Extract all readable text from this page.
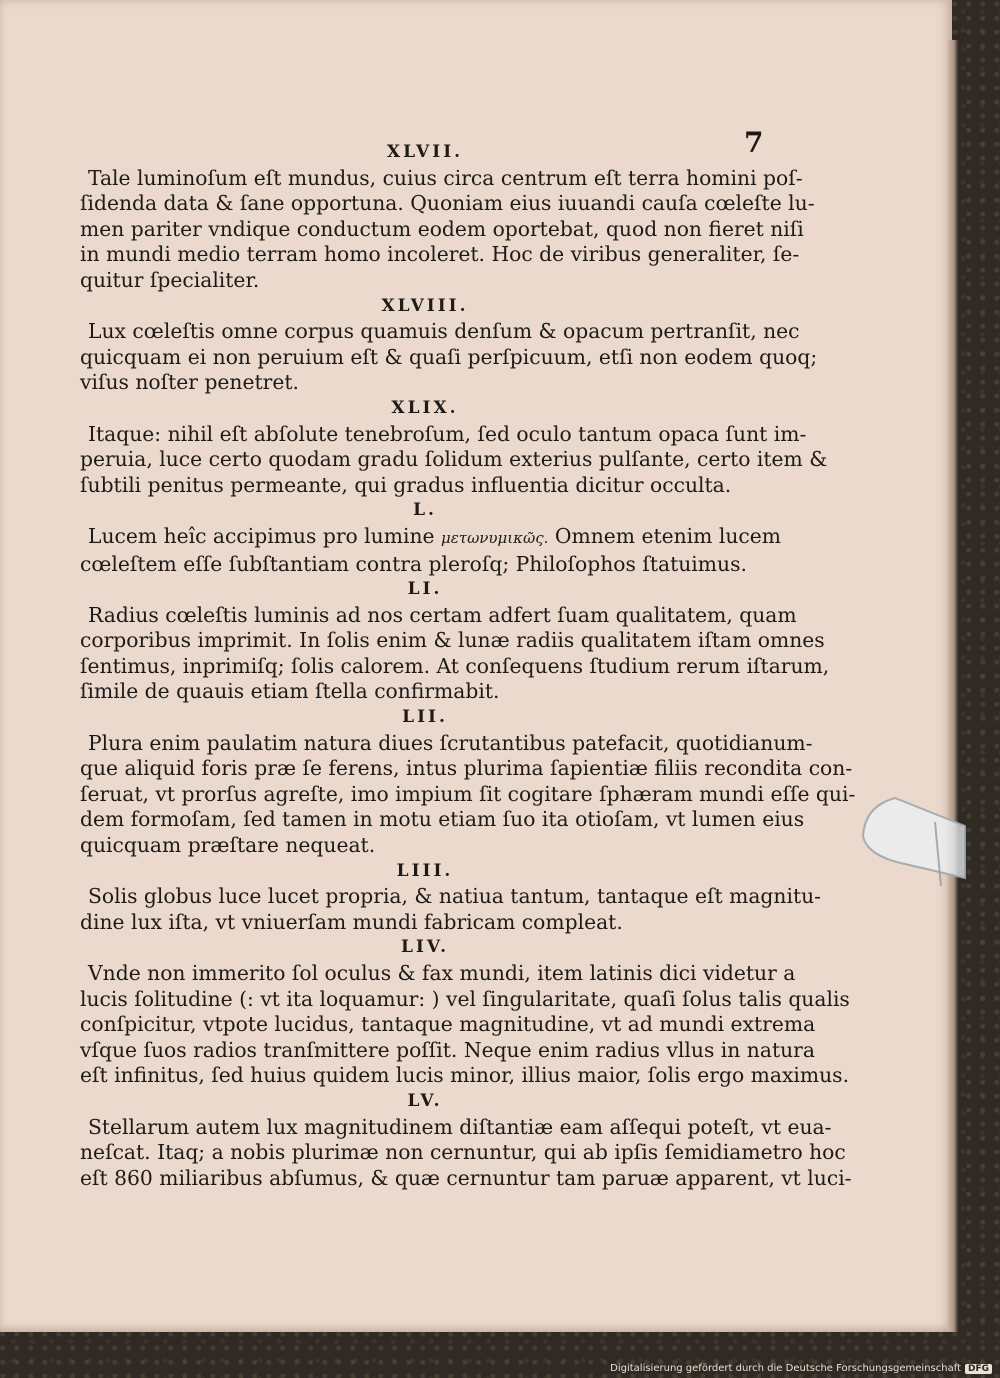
7
XLVII.
Tale luminoſum eſt mundus, cuius circa centrum eſt terra homini poſ-
ſidenda data & ſane opportuna. Quoniam eius iuuandi cauſa cœleſte lu-
men pariter vndique conductum eodem oportebat, quod non fieret niſi
in mundi medio terram homo incoleret. Hoc de viribus generaliter, ſe-
quitur ſpecialiter.
XLVIII.
Lux cœleſtis omne corpus quamuis denſum & opacum pertranſit, nec
quicquam ei non peruium eſt & quaſi perſpicuum, etſi non eodem quoq;
viſus noſter penetret.
XLIX.
Itaque: nihil eſt abſolute tenebroſum, ſed oculo tantum opaca ſunt im-
peruia, luce certo quodam gradu ſolidum exterius pulſante, certo item &
ſubtili penitus permeante, qui gradus influentia dicitur occulta.
L.
Lucem heîc accipimus pro lumine μετωνυμικῶς. Omnem etenim lucem
cœleſtem eſſe ſubſtantiam contra pleroſq; Philoſophos ſtatuimus.
LI.
Radius cœleſtis luminis ad nos certam adfert ſuam qualitatem, quam
corporibus imprimit. In ſolis enim & lunæ radiis qualitatem iſtam omnes
ſentimus, inprimiſq; ſolis calorem. At conſequens ſtudium rerum iſtarum,
ſimile de quauis etiam ſtella confirmabit.
LII.
Plura enim paulatim natura diues ſcrutantibus patefacit, quotidianum-
que aliquid foris præ ſe ferens, intus plurima ſapientiæ filiis recondita con-
ſeruat, vt prorſus agreſte, imo impium ſit cogitare ſphæram mundi eſſe qui-
dem formoſam, ſed tamen in motu etiam ſuo ita otioſam, vt lumen eius
quicquam præſtare nequeat.
LIII.
Solis globus luce lucet propria, & natiua tantum, tantaque eſt magnitu-
dine lux iſta, vt vniuerſam mundi fabricam compleat.
LIV.
Vnde non immerito ſol oculus & fax mundi, item latinis dici videtur a
lucis ſolitudine (: vt ita loquamur: ) vel ſingularitate, quaſi ſolus talis qualis
conſpicitur, vtpote lucidus, tantaque magnitudine, vt ad mundi extrema
vſque ſuos radios tranſmittere poſſit. Neque enim radius vllus in natura
eſt infinitus, ſed huius quidem lucis minor, illius maior, ſolis ergo maximus.
LV.
Stellarum autem lux magnitudinem diſtantiæ eam aſſequi poteſt, vt eua-
neſcat. Itaq; a nobis plurimæ non cernuntur, qui ab ipſis ſemidiametro hoc
eſt 860 miliaribus abſumus, & quæ cernuntur tam paruæ apparent, vt luci-
Digitalisierung gefördert durch die Deutsche Forschungsgemeinschaft DFG
